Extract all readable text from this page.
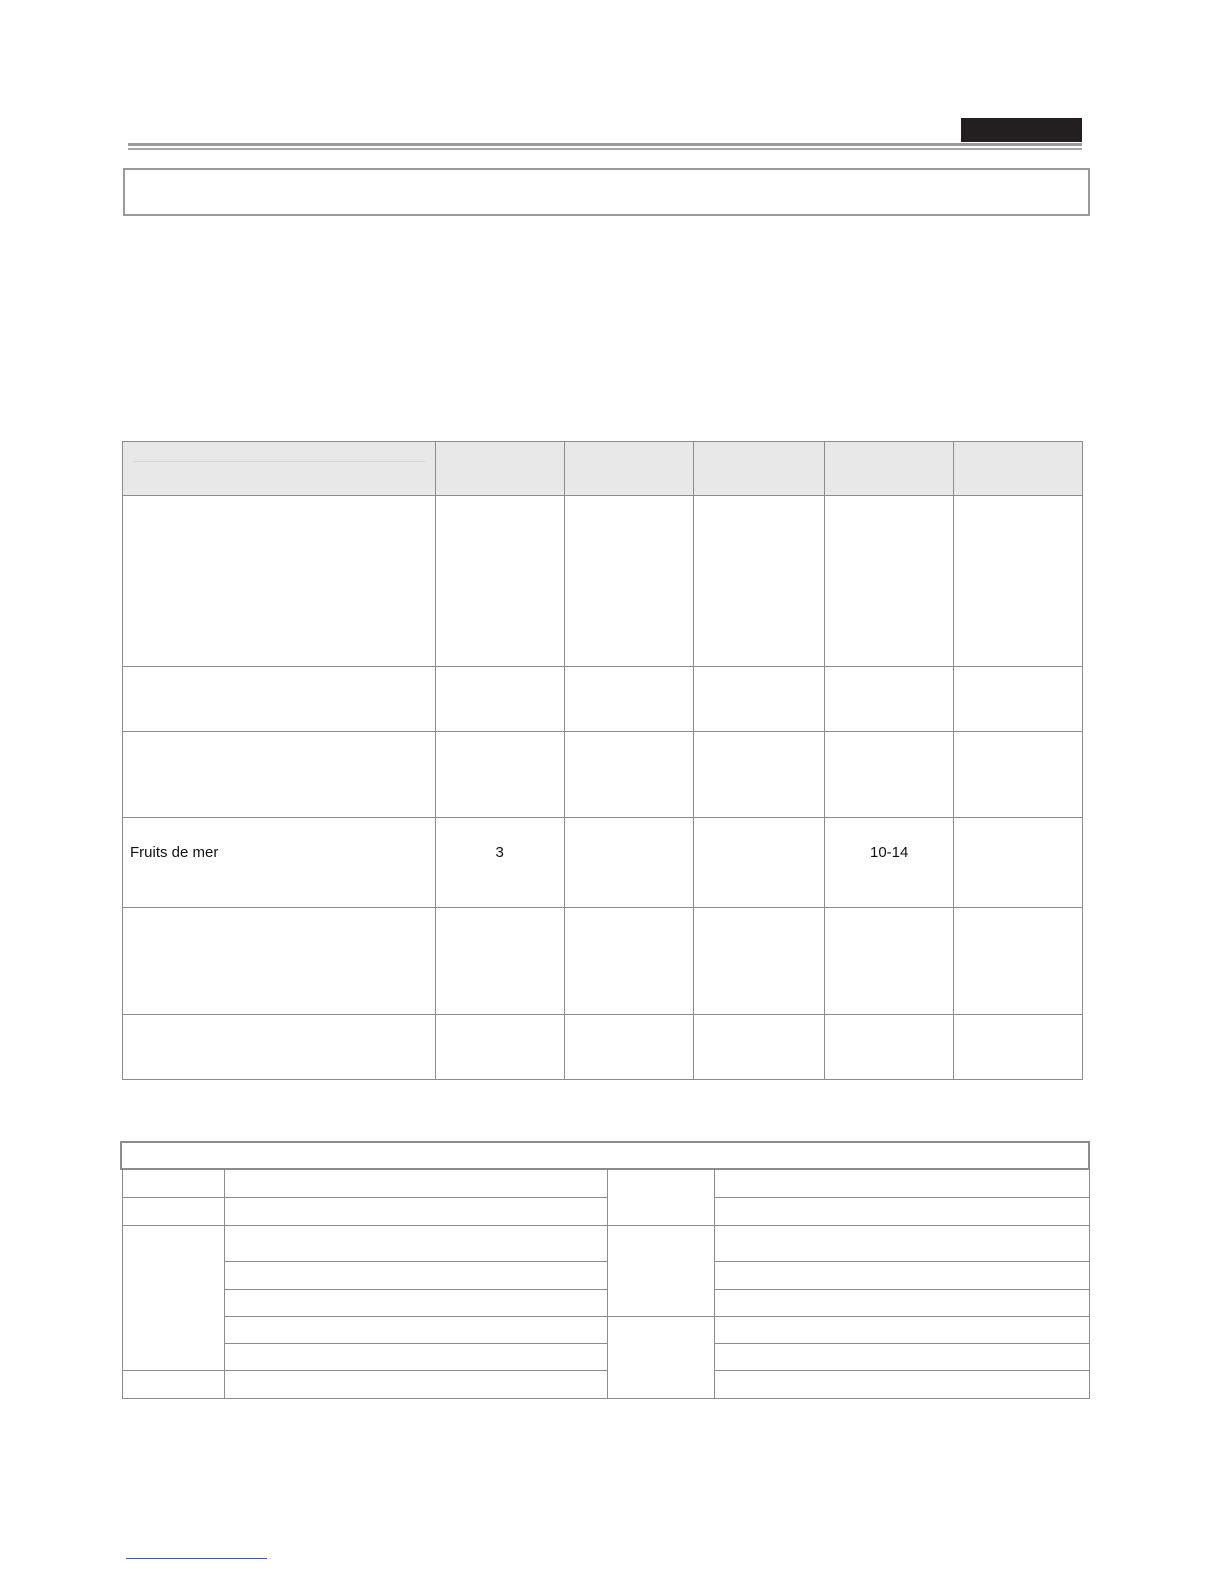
Fruits de mer	3			10-14	
